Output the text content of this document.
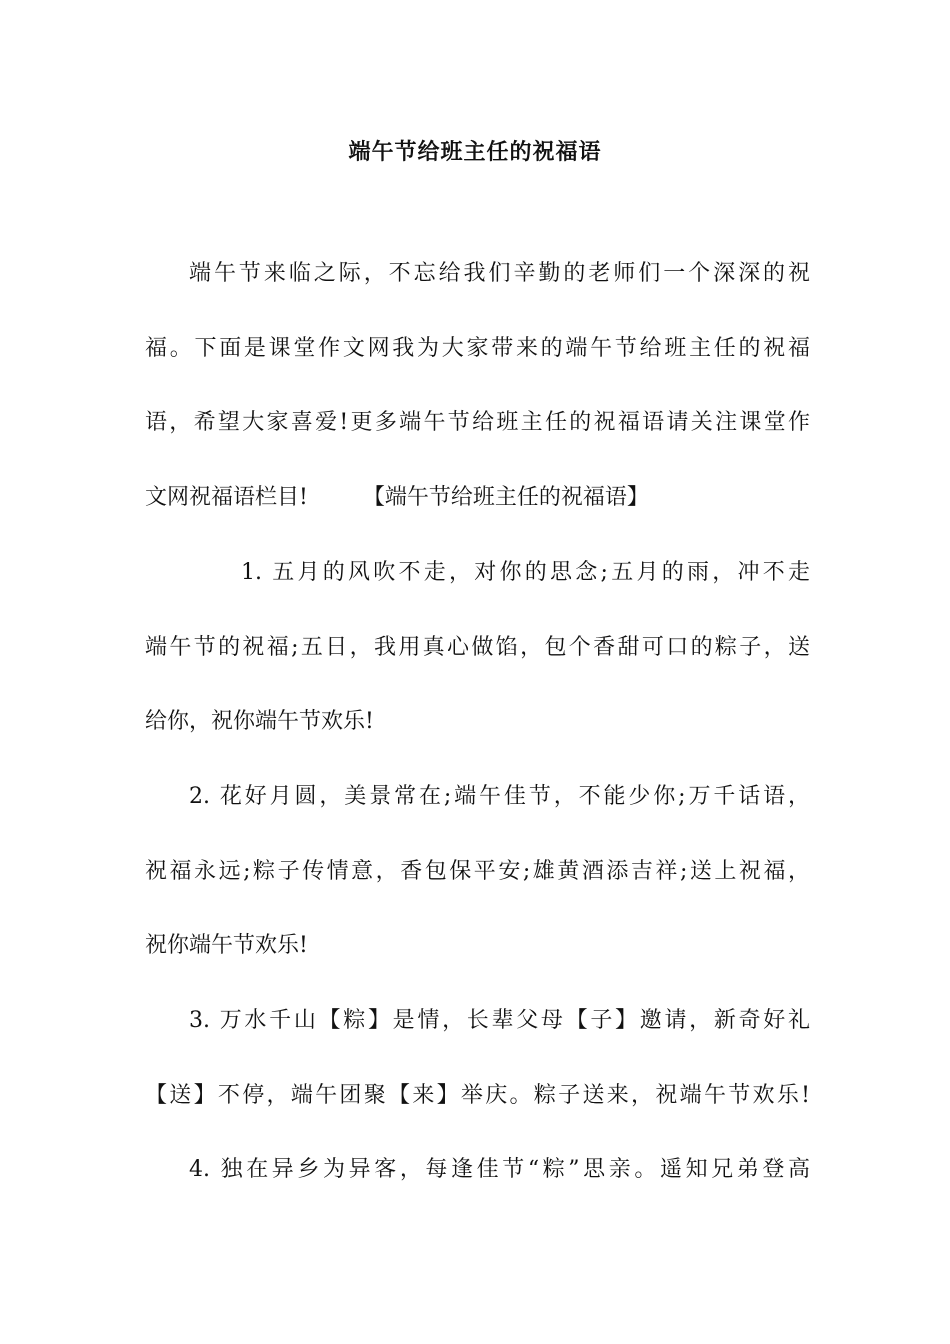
端午节给班主任的祝福语
端午节来临之际，不忘给我们辛勤的老师们一个深深的祝
福。下面是课堂作文网我为大家带来的端午节给班主任的祝福
语，希望大家喜爱!更多端午节给班主任的祝福语请关注课堂作
文网祝福语栏目!　　　【端午节给班主任的祝福语】
1. 五月的风吹不走，对你的思念;五月的雨，冲不走
端午节的祝福;五日，我用真心做馅，包个香甜可口的粽子，送
给你，祝你端午节欢乐!
2. 花好月圆，美景常在;端午佳节，不能少你;万千话语，
祝福永远;粽子传情意，香包保平安;雄黄酒添吉祥;送上祝福，
祝你端午节欢乐!
3. 万水千山【粽】是情，长辈父母【子】邀请，新奇好礼
【送】不停，端午团聚【来】举庆。粽子送来，祝端午节欢乐!
4. 独在异乡为异客，每逢佳节“粽”思亲。遥知兄弟登高
